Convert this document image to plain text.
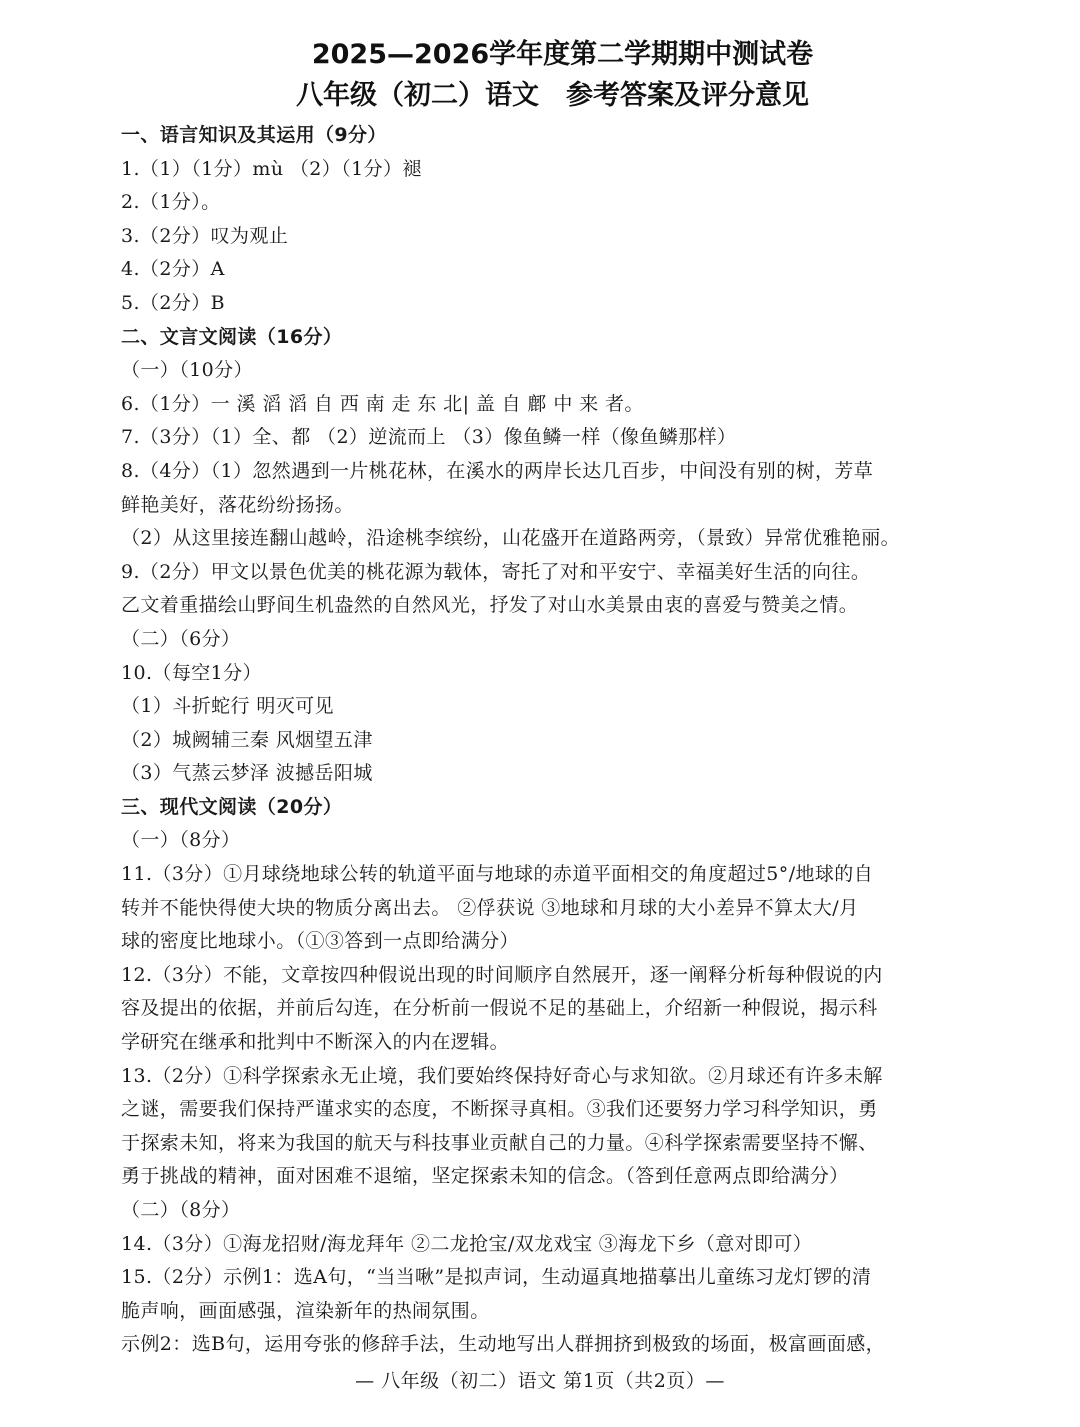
2025—2026学年度第二学期期中测试卷
八年级（初二）语文　参考答案及评分意见
一、语言知识及其运用（9分）
1.（1）（1分）mù （2）（1分）褪
2.（1分）。
3.（2分）叹为观止
4.（2分）A
5.（2分）B
二、文言文阅读（16分）
（一）（10分）
6.（1分）一 溪 滔 滔 自 西 南 走 东 北| 盖 自 鄜 中 来 者。
7.（3分）（1）全、都 （2）逆流而上 （3）像鱼鳞一样（像鱼鳞那样）
8.（4分）（1）忽然遇到一片桃花林，在溪水的两岸长达几百步，中间没有别的树，芳草
鲜艳美好，落花纷纷扬扬。
（2）从这里接连翻山越岭，沿途桃李缤纷，山花盛开在道路两旁，（景致）异常优雅艳丽。
9.（2分）甲文以景色优美的桃花源为载体，寄托了对和平安宁、幸福美好生活的向往。
乙文着重描绘山野间生机盎然的自然风光，抒发了对山水美景由衷的喜爱与赞美之情。
（二）（6分）
10.（每空1分）
（1）斗折蛇行 明灭可见
（2）城阙辅三秦 风烟望五津
（3）气蒸云梦泽 波撼岳阳城
三、现代文阅读（20分）
（一）（8分）
11.（3分）①月球绕地球公转的轨道平面与地球的赤道平面相交的角度超过5°/地球的自
转并不能快得使大块的物质分离出去。 ②俘获说 ③地球和月球的大小差异不算太大/月
球的密度比地球小。（①③答到一点即给满分）
12.（3分）不能，文章按四种假说出现的时间顺序自然展开，逐一阐释分析每种假说的内
容及提出的依据，并前后勾连，在分析前一假说不足的基础上，介绍新一种假说，揭示科
学研究在继承和批判中不断深入的内在逻辑。
13.（2分）①科学探索永无止境，我们要始终保持好奇心与求知欲。②月球还有许多未解
之谜，需要我们保持严谨求实的态度，不断探寻真相。③我们还要努力学习科学知识，勇
于探索未知，将来为我国的航天与科技事业贡献自己的力量。④科学探索需要坚持不懈、
勇于挑战的精神，面对困难不退缩，坚定探索未知的信念。（答到任意两点即给满分）
（二）（8分）
14.（3分）①海龙招财/海龙拜年 ②二龙抢宝/双龙戏宝 ③海龙下乡（意对即可）
15.（2分）示例1：选A句，“当当啾”是拟声词，生动逼真地描摹出儿童练习龙灯锣的清
脆声响，画面感强，渲染新年的热闹氛围。
示例2：选B句，运用夸张的修辞手法，生动地写出人群拥挤到极致的场面，极富画面感，
— 八年级（初二）语文 第1页（共2页）—
